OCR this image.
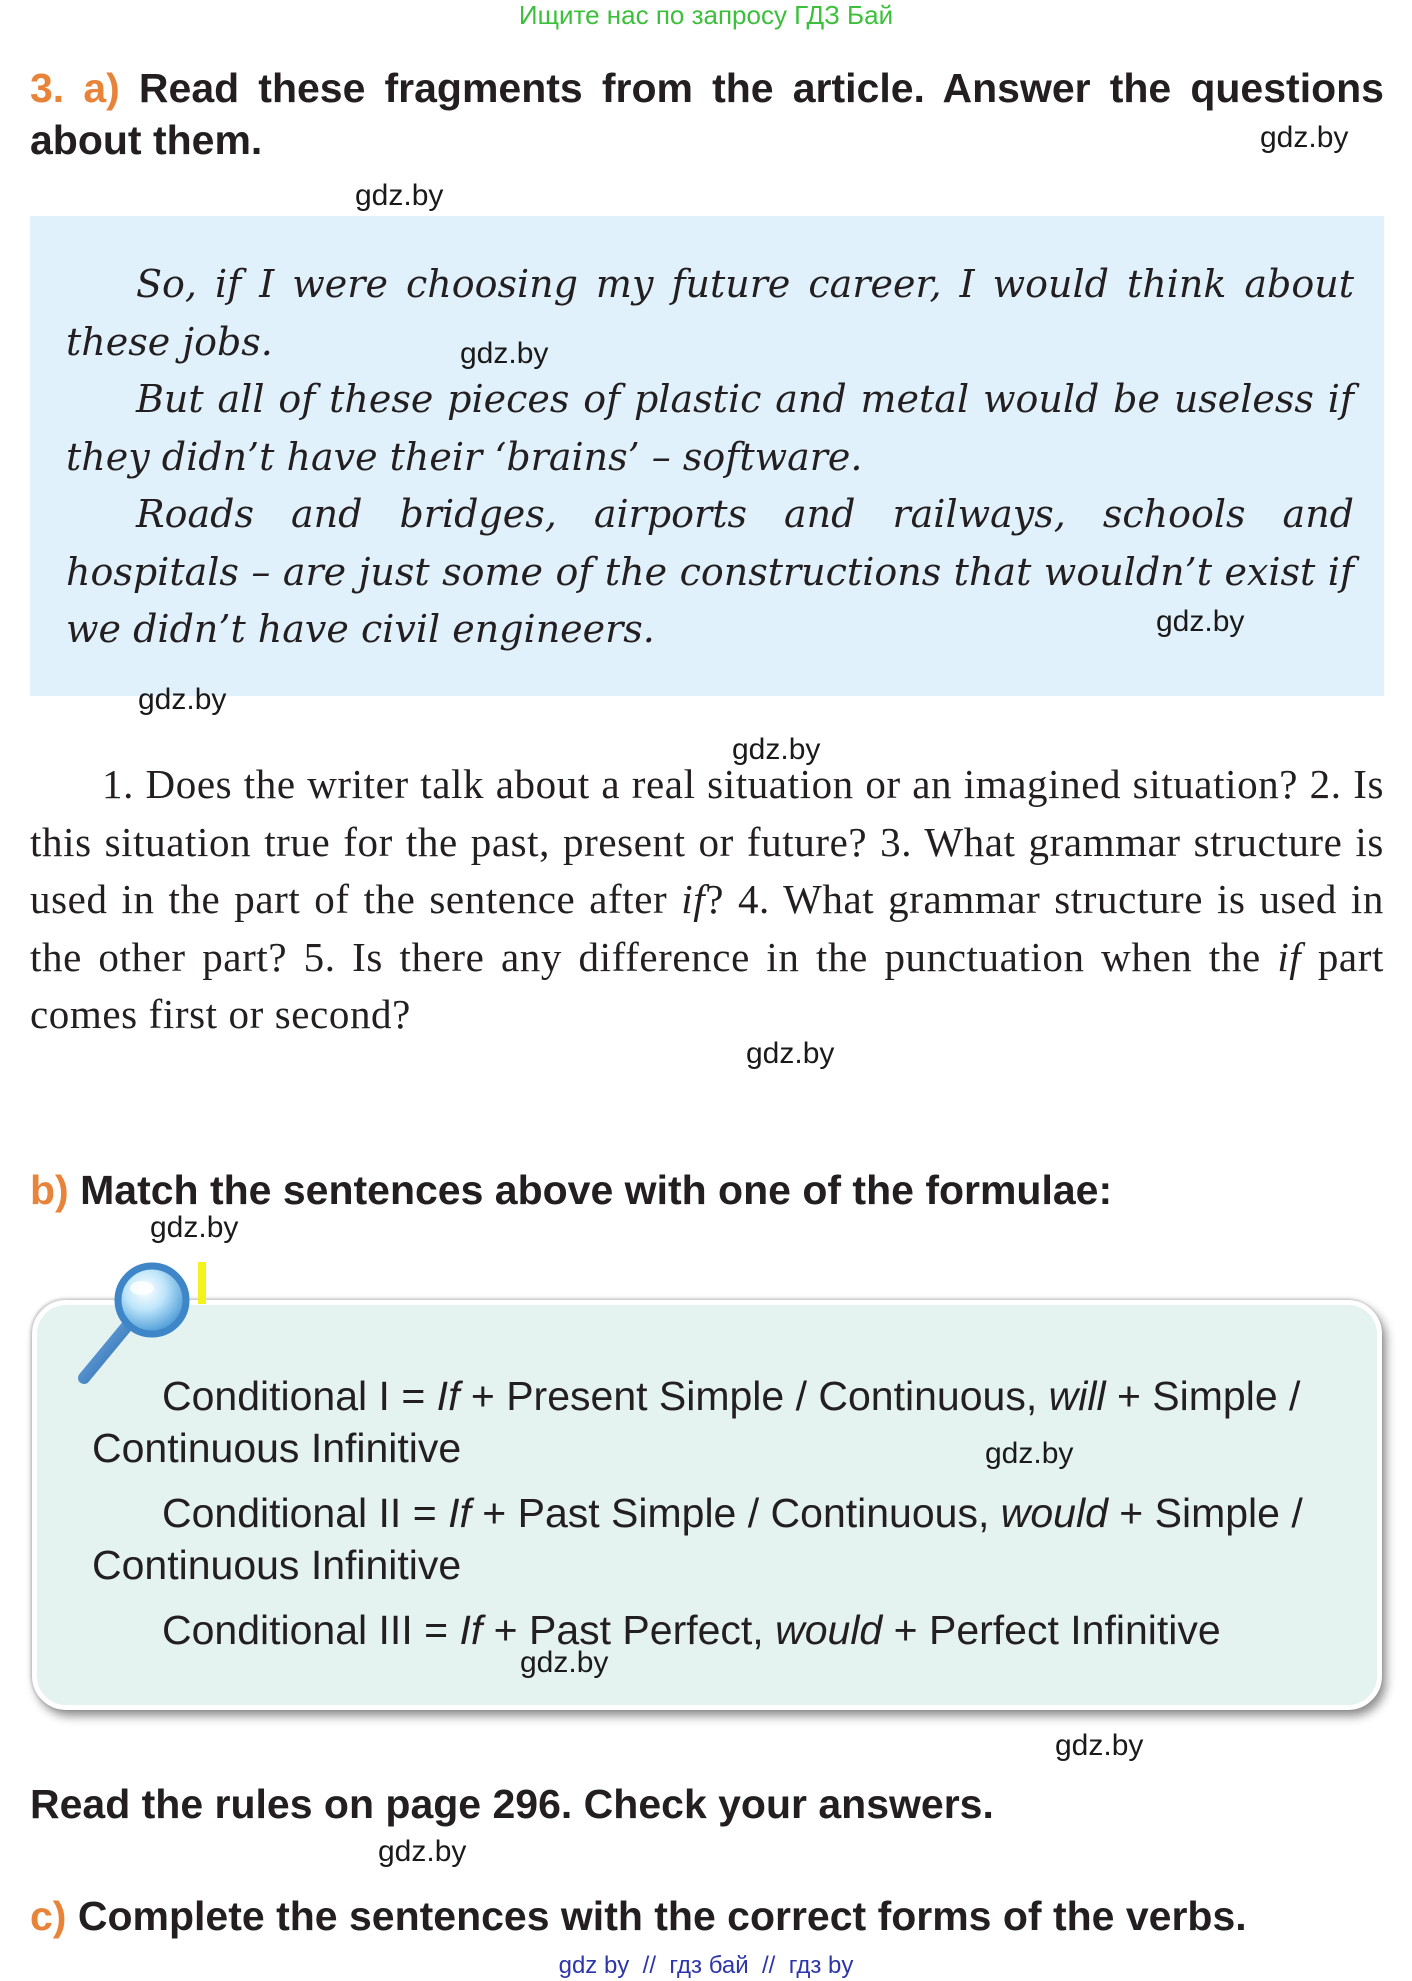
Ищите нас по запросу ГДЗ Бай
3. a) Read these fragments from the article. Answer the questions about them.	gdz.by
gdz.by

So, if I were choosing my future career, I would think about these jobs.

But all of these pieces of plastic and metal would be useless if they didn’t have their ‘brains’ – software.

Roads and bridges, airports and railways, schools and hospitals – are just some of the constructions that wouldn’t exist if we didn’t have civil engineers.

gdz.by
gdz.by
gdz.by
gdz.by

1. Does the writer talk about a real situation or an imagined situation? 2. Is this situation true for the past, present or future? 3. What grammar structure is used in the part of the sentence after if? 4. What grammar structure is used in the other part? 5. Is there any difference in the punctuation when the if part comes first or second?

gdz.by
b) Match the sentences above with one of the formulae:
gdz.by

Conditional I = If + Present Simple / Continuous, will + Simple / Continuous Infinitive

Conditional II = If + Past Simple / Continuous, would + Simple / Continuous Infinitive

Conditional III = If + Past Perfect, would + Perfect Infinitive

gdz.by
gdz.by
gdz.by
Read the rules on page 296. Check your answers.
gdz.by
c) Complete the sentences with the correct forms of the verbs.
gdz by // гдз бай // гдз by
